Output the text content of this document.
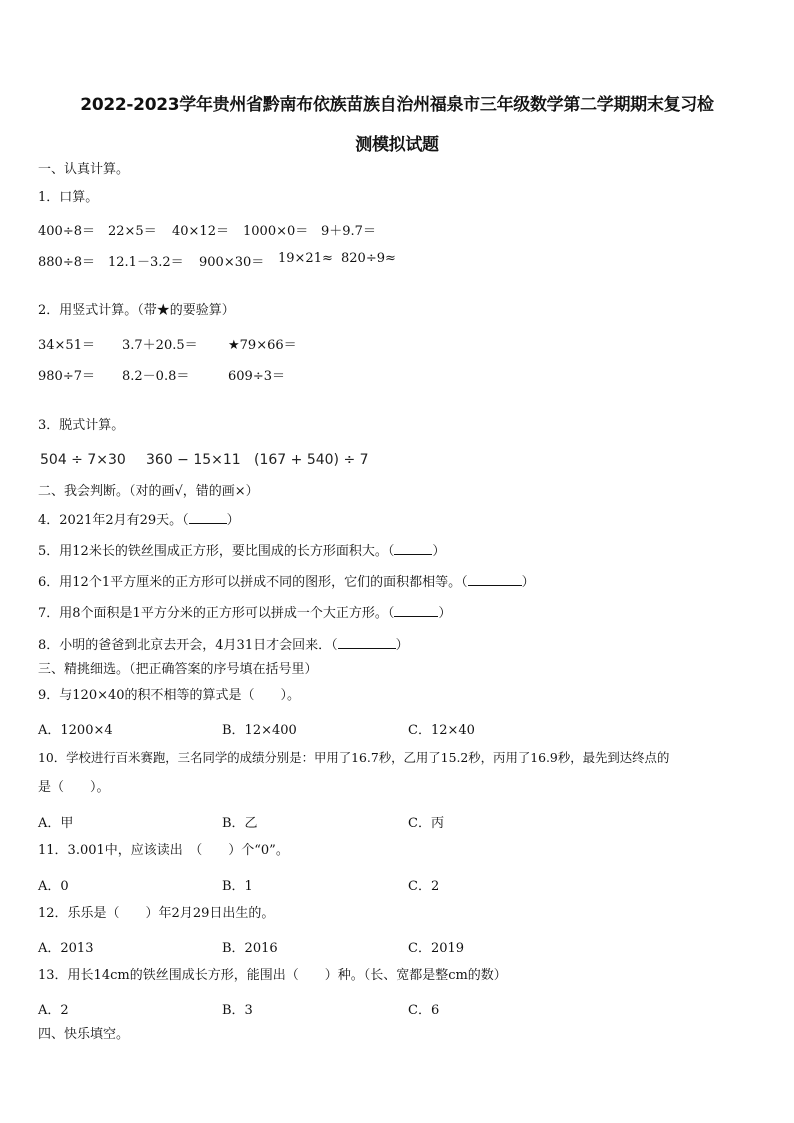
2022-2023学年贵州省黔南布依族苗族自治州福泉市三年级数学第二学期期末复习检
测模拟试题
一、认真计算。
1．口算。
400÷8＝ 22×5＝ 40×12＝ 1000×0＝ 9＋9.7＝
880÷8＝ 12.1－3.2＝ 900×30＝ 19×21≈ 820÷9≈
2．用竖式计算。（带★的要验算）
34×51＝ 3.7＋20.5＝ ★79×66＝
980÷7＝ 8.2－0.8＝	609÷3＝
3．脱式计算。
504 ÷ 7×30 360 − 15×11 (167 + 540) ÷ 7
二、我会判断。（对的画√，错的画×）
4．2021年2月有29天。（	）
5．用12米长的铁丝围成正方形，要比围成的长方形面积大。（	）
6．用12个1平方厘米的正方形可以拼成不同的图形，它们的面积都相等。（	）
7．用8个面积是1平方分米的正方形可以拼成一个大正方形。（	）
8．小明的爸爸到北京去开会，4月31日才会回来．（	）
三、精挑细选。（把正确答案的序号填在括号里）
9．与120×40的积不相等的算式是（　　）。
A．1200×4	B．12×400	C．12×40
10．学校进行百米赛跑，三名同学的成绩分别是：甲用了16.7秒，乙用了15.2秒，丙用了16.9秒，最先到达终点的
是（　　）。
A．甲	B．乙	C．丙
11．3.001中，应该读出　（　　）个“0”。
A．0	B．1	C．2
12．乐乐是（　　）年2月29日出生的。
A．2013	B．2016	C．2019
13．用长14cm的铁丝围成长方形，能围出（　　）种。（长、宽都是整cm的数）
A．2	B．3	C．6
四、快乐填空。
